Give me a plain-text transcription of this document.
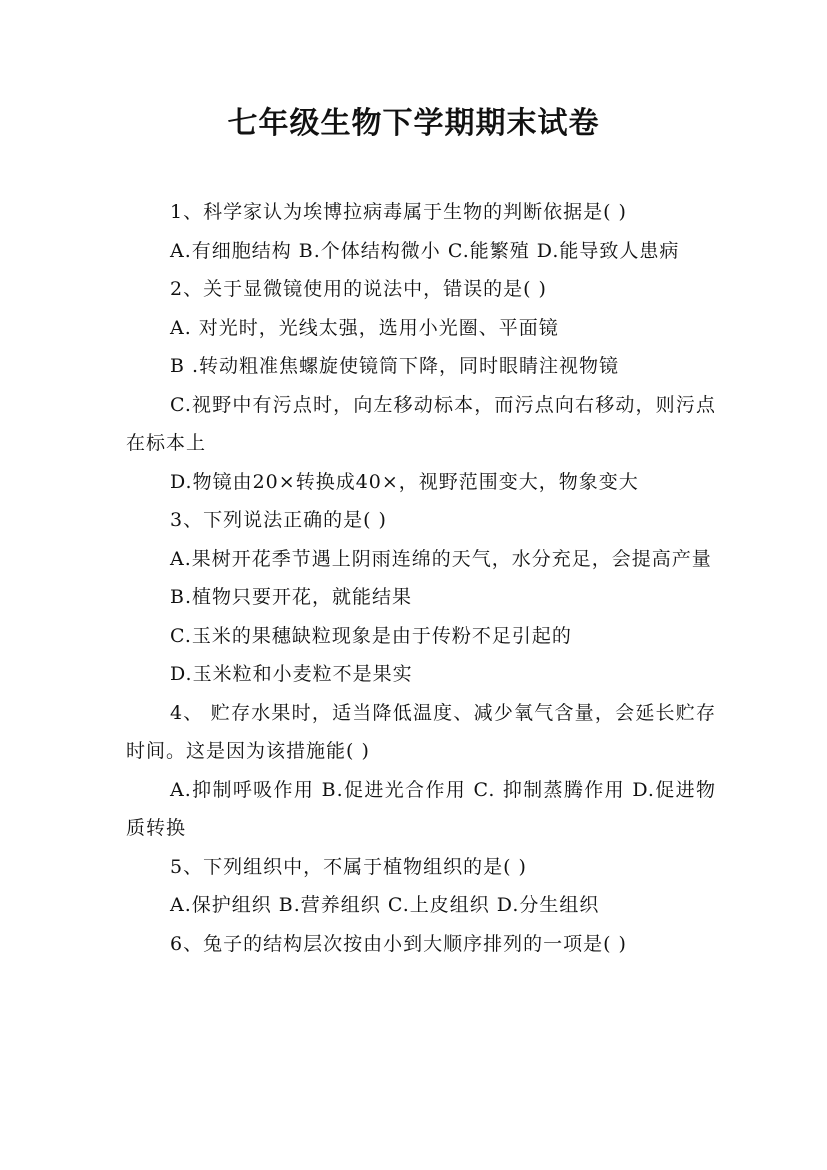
七年级生物下学期期末试卷

1、科学家认为埃博拉病毒属于生物的判断依据是( )

A.有细胞结构 B.个体结构微小 C.能繁殖 D.能导致人患病

2、关于显微镜使用的说法中，错误的是( )

A. 对光时，光线太强，选用小光圈、平面镜

B .转动粗准焦螺旋使镜筒下降，同时眼睛注视物镜

C.视野中有污点时，向左移动标本，而污点向右移动，则污点在标本上

D.物镜由20×转换成40×，视野范围变大，物象变大

3、下列说法正确的是( )

A.果树开花季节遇上阴雨连绵的天气，水分充足，会提高产量

B.植物只要开花，就能结果

C.玉米的果穗缺粒现象是由于传粉不足引起的

D.玉米粒和小麦粒不是果实

4、 贮存水果时，适当降低温度、减少氧气含量，会延长贮存时间。这是因为该措施能( )

A.抑制呼吸作用 B.促进光合作用 C. 抑制蒸腾作用 D.促进物质转换

5、下列组织中，不属于植物组织的是( )

A.保护组织 B.营养组织 C.上皮组织 D.分生组织

6、兔子的结构层次按由小到大顺序排列的一项是( )
